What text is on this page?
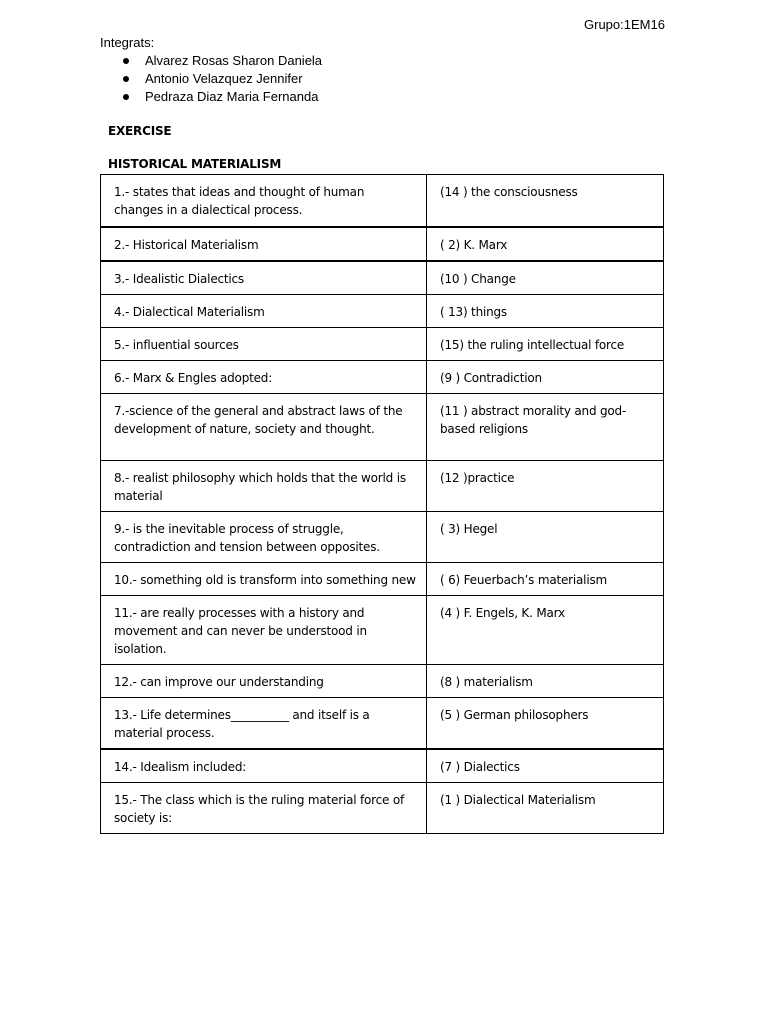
Grupo:1EM16
Integrats:
Alvarez Rosas Sharon Daniela
Antonio Velazquez Jennifer
Pedraza Diaz Maria Fernanda
EXERCISE
HISTORICAL MATERIALISM
1.- states that ideas and thought of human changes in a dialectical process.	(14 ) the consciousness
2.- Historical Materialism	( 2) K. Marx
3.- Idealistic Dialectics	(10 ) Change
4.- Dialectical Materialism	( 13) things
5.- influential sources	(15) the ruling intellectual force
6.- Marx & Engles adopted:	(9 ) Contradiction
7.-science of the general and abstract laws of the development of nature, society and thought.	(11 ) abstract morality and god-based religions
8.- realist philosophy which holds that the world is material	(12 )practice
9.- is the inevitable process of struggle, contradiction and tension between opposites.	( 3) Hegel
10.- something old is transform into something new	( 6) Feuerbach’s materialism
11.- are really processes with a history and movement and can never be understood in isolation.	(4 ) F. Engels, K. Marx
12.- can improve our understanding	(8 ) materialism
13.- Life determines__________ and itself is a material process.	(5 ) German philosophers
14.- Idealism included:	(7 ) Dialectics
15.- The class which is the ruling material force of society is:	(1 ) Dialectical Materialism
